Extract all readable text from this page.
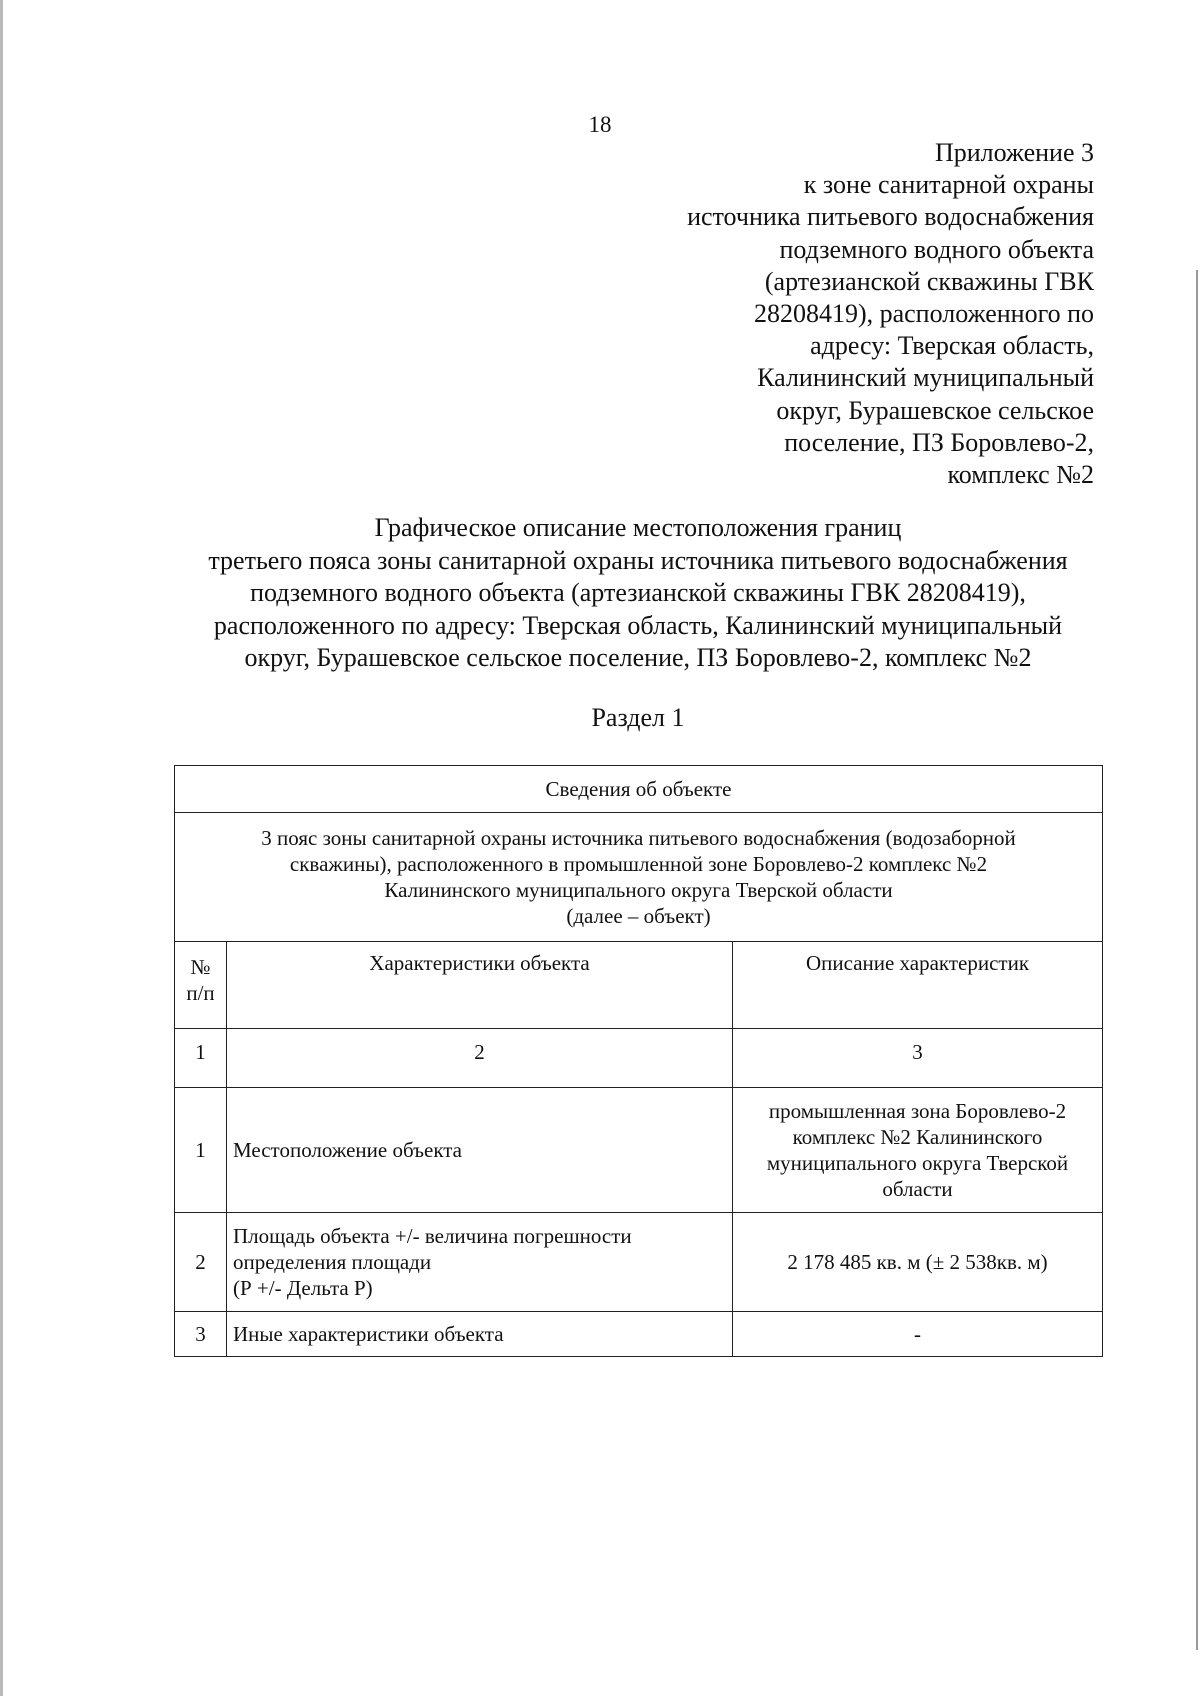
18
Приложение 3
к зоне санитарной охраны
источника питьевого водоснабжения
подземного водного объекта
(артезианской скважины ГВК
28208419), расположенного по
адресу: Тверская область,
Калининский муниципальный
округ, Бурашевское сельское
поселение, ПЗ Боровлево-2,
комплекс №2
Графическое описание местоположения границ
третьего пояса зоны санитарной охраны источника питьевого водоснабжения
подземного водного объекта (артезианской скважины ГВК 28208419),
расположенного по адресу: Тверская область, Калининский муниципальный
округ, Бурашевское сельское поселение, ПЗ Боровлево-2, комплекс №2
Раздел 1
Сведения об объекте		

3 пояс зоны санитарной охраны источника питьевого водоснабжения (водозаборной
скважины), расположенного в промышленной зоне Боровлево-2 комплекс №2
Калининского муниципального округа Тверской области
(далее – объект)		

№
п/п	Характеристики объекта	Описание характеристик
1	2	3
1	Местоположение объекта	промышленная зона Боровлево-2
комплекс №2 Калининского
муниципального округа Тверской
области

2	Площадь объекта +/- величина погрешности
определения площади
(Р +/- Дельта Р)	2 178 485 кв. м (± 2 538кв. м)
3	Иные характеристики объекта	-
